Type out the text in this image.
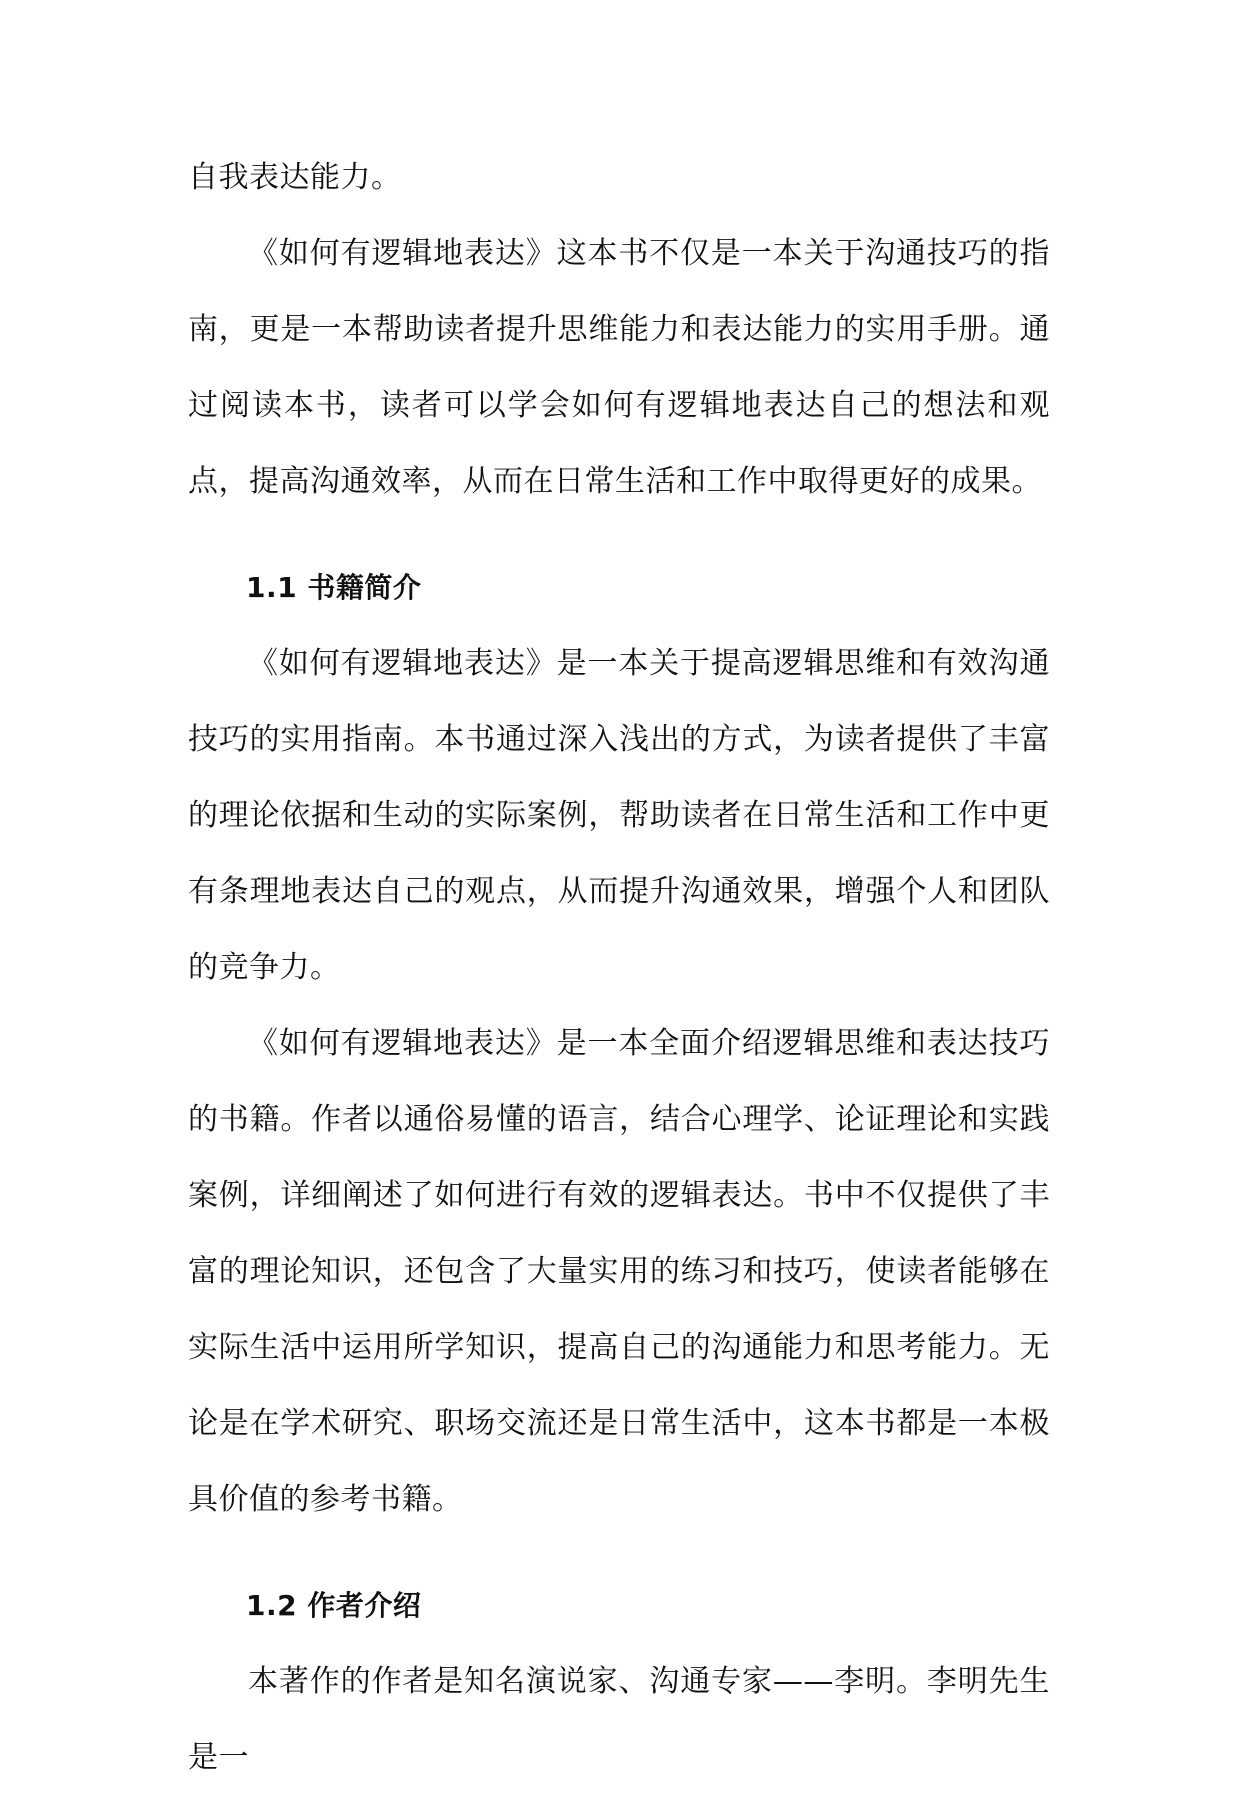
自我表达能力。

《如何有逻辑地表达》这本书不仅是一本关于沟通技巧的指南，更是一本帮助读者提升思维能力和表达能力的实用手册。通过阅读本书，读者可以学会如何有逻辑地表达自己的想法和观点，提高沟通效率，从而在日常生活和工作中取得更好的成果。

1.1 书籍简介

《如何有逻辑地表达》是一本关于提高逻辑思维和有效沟通技巧的实用指南。本书通过深入浅出的方式，为读者提供了丰富的理论依据和生动的实际案例，帮助读者在日常生活和工作中更有条理地表达自己的观点，从而提升沟通效果，增强个人和团队的竞争力。

《如何有逻辑地表达》是一本全面介绍逻辑思维和表达技巧的书籍。作者以通俗易懂的语言，结合心理学、论证理论和实践案例，详细阐述了如何进行有效的逻辑表达。书中不仅提供了丰富的理论知识，还包含了大量实用的练习和技巧，使读者能够在实际生活中运用所学知识，提高自己的沟通能力和思考能力。无论是在学术研究、职场交流还是日常生活中，这本书都是一本极具价值的参考书籍。

1.2 作者介绍

本著作的作者是知名演说家、沟通专家——李明。李明先生是一
